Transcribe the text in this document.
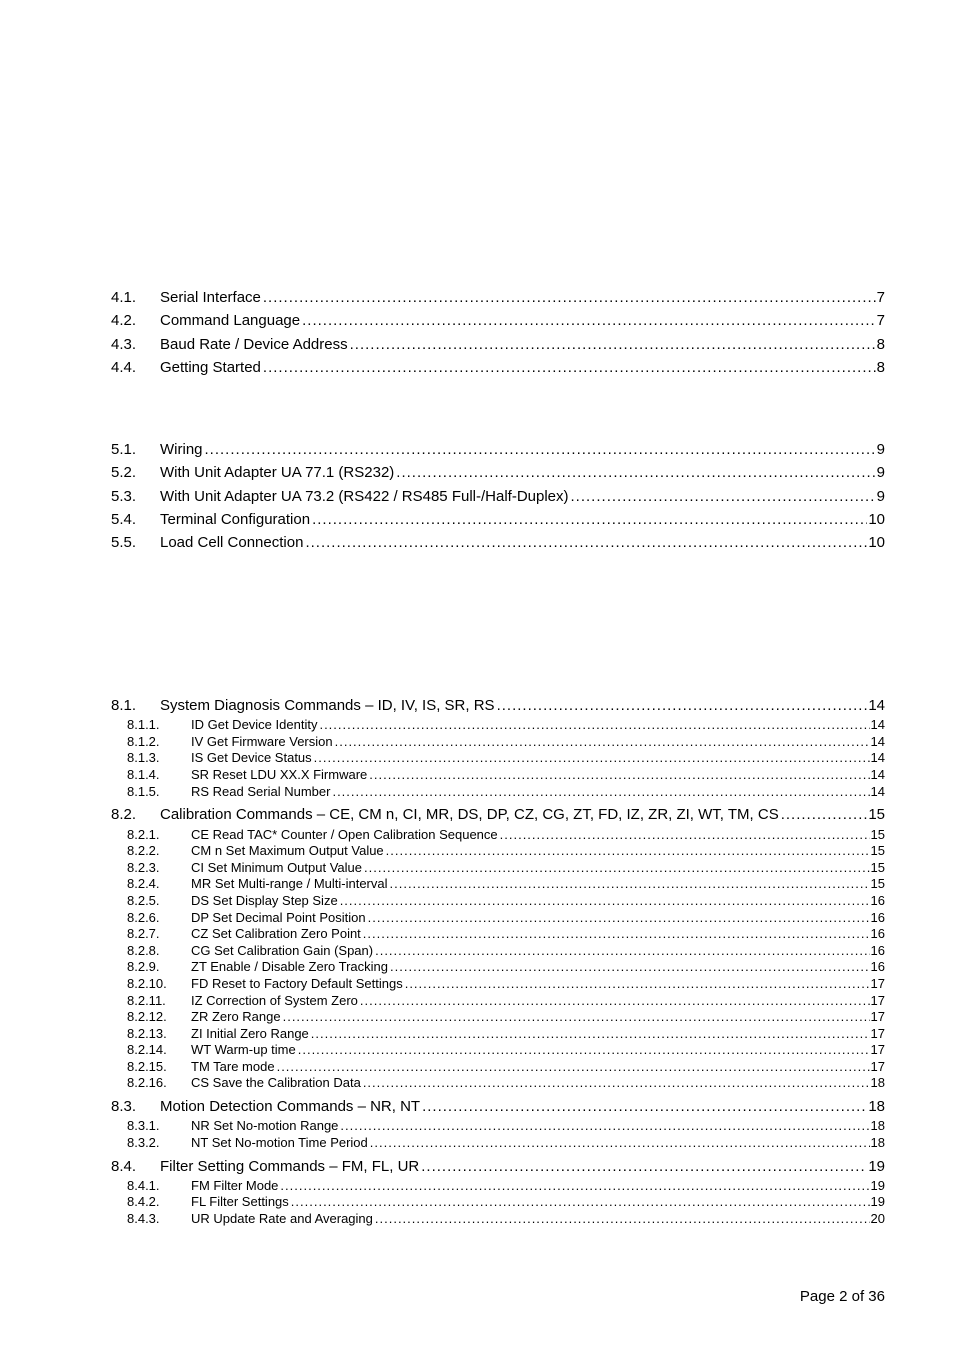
4.1.	Serial Interface .....	7
4.2.	Command Language .....	7
4.3.	Baud Rate / Device Address .....	8
4.4.	Getting Started .....	8
5.1.	Wiring .....	9
5.2.	With Unit Adapter UA 77.1 (RS232) .....	9
5.3.	With Unit Adapter UA 73.2 (RS422 / RS485 Full-/Half-Duplex) .....	9
5.4.	Terminal Configuration .....	10
5.5.	Load Cell Connection .....	10
8.1.	System Diagnosis Commands – ID, IV, IS, SR, RS .....	14
8.1.1.	ID Get Device Identity .....	14
8.1.2.	IV Get Firmware Version .....	14
8.1.3.	IS Get Device Status .....	14
8.1.4.	SR Reset LDU XX.X Firmware .....	14
8.1.5.	RS Read Serial Number .....	14
8.2.	Calibration Commands – CE, CM n, CI, MR, DS, DP, CZ, CG, ZT, FD, IZ, ZR, ZI, WT, TM, CS .....	15
8.2.1.	CE Read TAC* Counter / Open Calibration Sequence .....	15
8.2.2.	CM n Set Maximum Output Value .....	15
8.2.3.	CI Set Minimum Output Value .....	15
8.2.4.	MR Set Multi-range / Multi-interval .....	15
8.2.5.	DS Set Display Step Size .....	16
8.2.6.	DP Set Decimal Point Position .....	16
8.2.7.	CZ Set Calibration Zero Point .....	16
8.2.8.	CG Set Calibration Gain (Span) .....	16
8.2.9.	ZT Enable / Disable Zero Tracking .....	16
8.2.10.	FD Reset to Factory Default Settings .....	17
8.2.11.	IZ Correction of System Zero .....	17
8.2.12.	ZR Zero Range .....	17
8.2.13.	ZI Initial Zero Range .....	17
8.2.14.	WT Warm-up time .....	17
8.2.15.	TM Tare mode .....	17
8.2.16.	CS Save the Calibration Data .....	18
8.3.	Motion Detection Commands – NR, NT .....	18
8.3.1.	NR Set No-motion Range .....	18
8.3.2.	NT Set No-motion Time Period .....	18
8.4.	Filter Setting Commands – FM, FL, UR .....	19
8.4.1.	FM Filter Mode .....	19
8.4.2.	FL Filter Settings .....	19
8.4.3.	UR Update Rate and Averaging .....	20
Page 2 of 36
